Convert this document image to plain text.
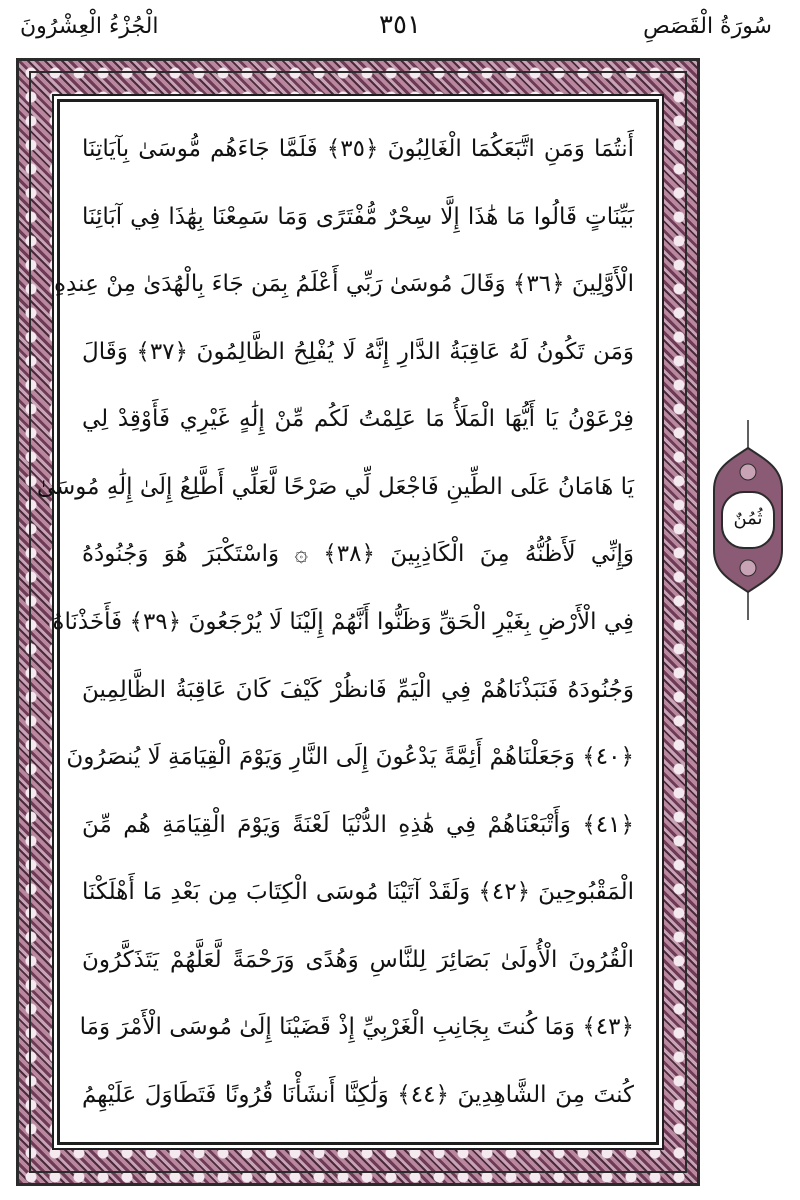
سُورَةُ الْقَصَصِ
٣٥١
الْجُزْءُ الْعِشْرُونَ
أَنتُمَا وَمَنِ اتَّبَعَكُمَا الْغَالِبُونَ ﴿٣٥﴾ فَلَمَّا جَاءَهُم مُّوسَىٰ بِآيَاتِنَا
بَيِّنَاتٍ قَالُوا مَا هَٰذَا إِلَّا سِحْرٌ مُّفْتَرًى وَمَا سَمِعْنَا بِهَٰذَا فِي آبَائِنَا
الْأَوَّلِينَ ﴿٣٦﴾ وَقَالَ مُوسَىٰ رَبِّي أَعْلَمُ بِمَن جَاءَ بِالْهُدَىٰ مِنْ عِندِهِ
وَمَن تَكُونُ لَهُ عَاقِبَةُ الدَّارِ إِنَّهُ لَا يُفْلِحُ الظَّالِمُونَ ﴿٣٧﴾ وَقَالَ
فِرْعَوْنُ يَا أَيُّهَا الْمَلَأُ مَا عَلِمْتُ لَكُم مِّنْ إِلَٰهٍ غَيْرِي فَأَوْقِدْ لِي
يَا هَامَانُ عَلَى الطِّينِ فَاجْعَل لِّي صَرْحًا لَّعَلِّي أَطَّلِعُ إِلَىٰ إِلَٰهِ مُوسَىٰ
وَإِنِّي لَأَظُنُّهُ مِنَ الْكَاذِبِينَ ﴿٣٨﴾ ۞ وَاسْتَكْبَرَ هُوَ وَجُنُودُهُ
فِي الْأَرْضِ بِغَيْرِ الْحَقِّ وَظَنُّوا أَنَّهُمْ إِلَيْنَا لَا يُرْجَعُونَ ﴿٣٩﴾ فَأَخَذْنَاهُ
وَجُنُودَهُ فَنَبَذْنَاهُمْ فِي الْيَمِّ فَانظُرْ كَيْفَ كَانَ عَاقِبَةُ الظَّالِمِينَ
﴿٤٠﴾ وَجَعَلْنَاهُمْ أَئِمَّةً يَدْعُونَ إِلَى النَّارِ وَيَوْمَ الْقِيَامَةِ لَا يُنصَرُونَ
﴿٤١﴾ وَأَتْبَعْنَاهُمْ فِي هَٰذِهِ الدُّنْيَا لَعْنَةً وَيَوْمَ الْقِيَامَةِ هُم مِّنَ
الْمَقْبُوحِينَ ﴿٤٢﴾ وَلَقَدْ آتَيْنَا مُوسَى الْكِتَابَ مِن بَعْدِ مَا أَهْلَكْنَا
الْقُرُونَ الْأُولَىٰ بَصَائِرَ لِلنَّاسِ وَهُدًى وَرَحْمَةً لَّعَلَّهُمْ يَتَذَكَّرُونَ
﴿٤٣﴾ وَمَا كُنتَ بِجَانِبِ الْغَرْبِيِّ إِذْ قَضَيْنَا إِلَىٰ مُوسَى الْأَمْرَ وَمَا
كُنتَ مِنَ الشَّاهِدِينَ ﴿٤٤﴾ وَلَٰكِنَّا أَنشَأْنَا قُرُونًا فَتَطَاوَلَ عَلَيْهِمُ
ثُمُنٌ
